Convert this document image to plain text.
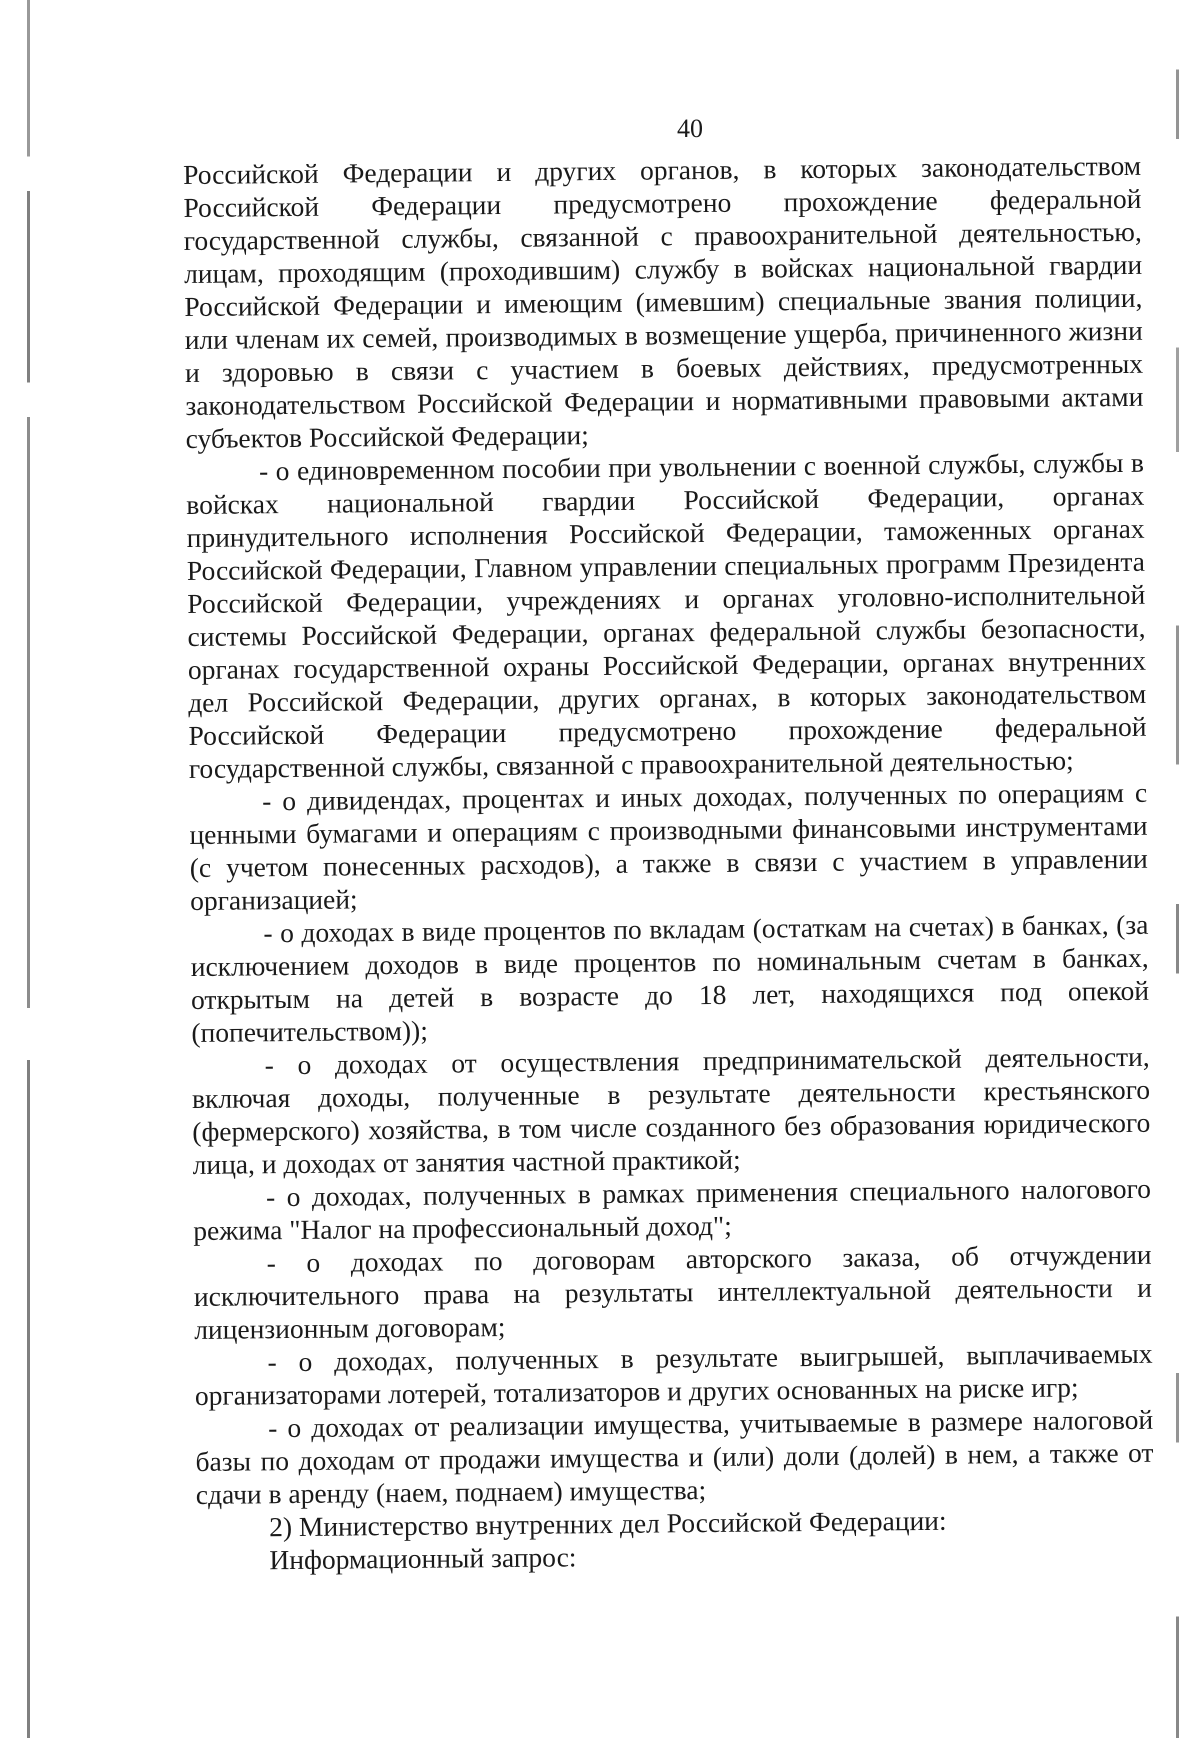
40

Российской Федерации и других органов, в которых законодательством Российской Федерации предусмотрено прохождение федеральной государственной службы, связанной с правоохранительной деятельностью, лицам, проходящим (проходившим) службу в войсках национальной гвардии Российской Федерации и имеющим (имевшим) специальные звания полиции, или членам их семей, производимых в возмещение ущерба, причиненного жизни и здоровью в связи с участием в боевых действиях, предусмотренных законодательством Российской Федерации и нормативными правовыми актами субъектов Российской Федерации;

- о единовременном пособии при увольнении с военной службы, службы в войсках национальной гвардии Российской Федерации, органах принудительного исполнения Российской Федерации, таможенных органах Российской Федерации, Главном управлении специальных программ Президента Российской Федерации, учреждениях и органах уголовно-исполнительной системы Российской Федерации, органах федеральной службы безопасности, органах государственной охраны Российской Федерации, органах внутренних дел Российской Федерации, других органах, в которых законодательством Российской Федерации предусмотрено прохождение федеральной государственной службы, связанной с правоохранительной деятельностью;

- о дивидендах, процентах и иных доходах, полученных по операциям с ценными бумагами и операциям с производными финансовыми инструментами (с учетом понесенных расходов), а также в связи с участием в управлении организацией;

- о доходах в виде процентов по вкладам (остаткам на счетах) в банках, (за исключением доходов в виде процентов по номинальным счетам в банках, открытым на детей в возрасте до 18 лет, находящихся под опекой (попечительством));

- о доходах от осуществления предпринимательской деятельности, включая доходы, полученные в результате деятельности крестьянского (фермерского) хозяйства, в том числе созданного без образования юридического лица, и доходах от занятия частной практикой;

- о доходах, полученных в рамках применения специального налогового режима "Налог на профессиональный доход";

- о доходах по договорам авторского заказа, об отчуждении исключительного права на результаты интеллектуальной деятельности и лицензионным договорам;

- о доходах, полученных в результате выигрышей, выплачиваемых организаторами лотерей, тотализаторов и других основанных на риске игр;

- о доходах от реализации имущества, учитываемые в размере налоговой базы по доходам от продажи имущества и (или) доли (долей) в нем, а также от сдачи в аренду (наем, поднаем) имущества;

2) Министерство внутренних дел Российской Федерации:

Информационный запрос:
